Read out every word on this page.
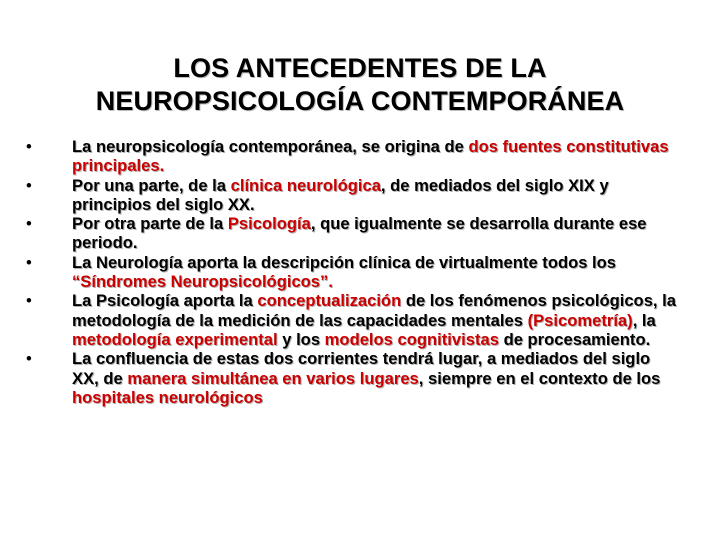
LOS ANTECEDENTES DE LA
NEUROPSICOLOGÍA CONTEMPORÁNEA
•	La neuropsicología contemporánea, se origina de dos fuentes constitutivas principales.
•	Por una parte, de la clínica neurológica, de mediados del siglo XIX y principios del siglo XX.
•	Por otra parte de la Psicología, que igualmente se desarrolla durante ese periodo.
•	La Neurología aporta la descripción clínica de virtualmente todos los “Síndromes Neuropsicológicos”.
•	La Psicología aporta la conceptualización de los fenómenos psicológicos, la metodología de la medición de las capacidades mentales (Psicometría), la metodología experimental y los modelos cognitivistas de procesamiento.
•	La confluencia de estas dos corrientes tendrá lugar, a mediados del siglo XX, de manera simultánea en varios lugares, siempre en el contexto de los hospitales neurológicos
